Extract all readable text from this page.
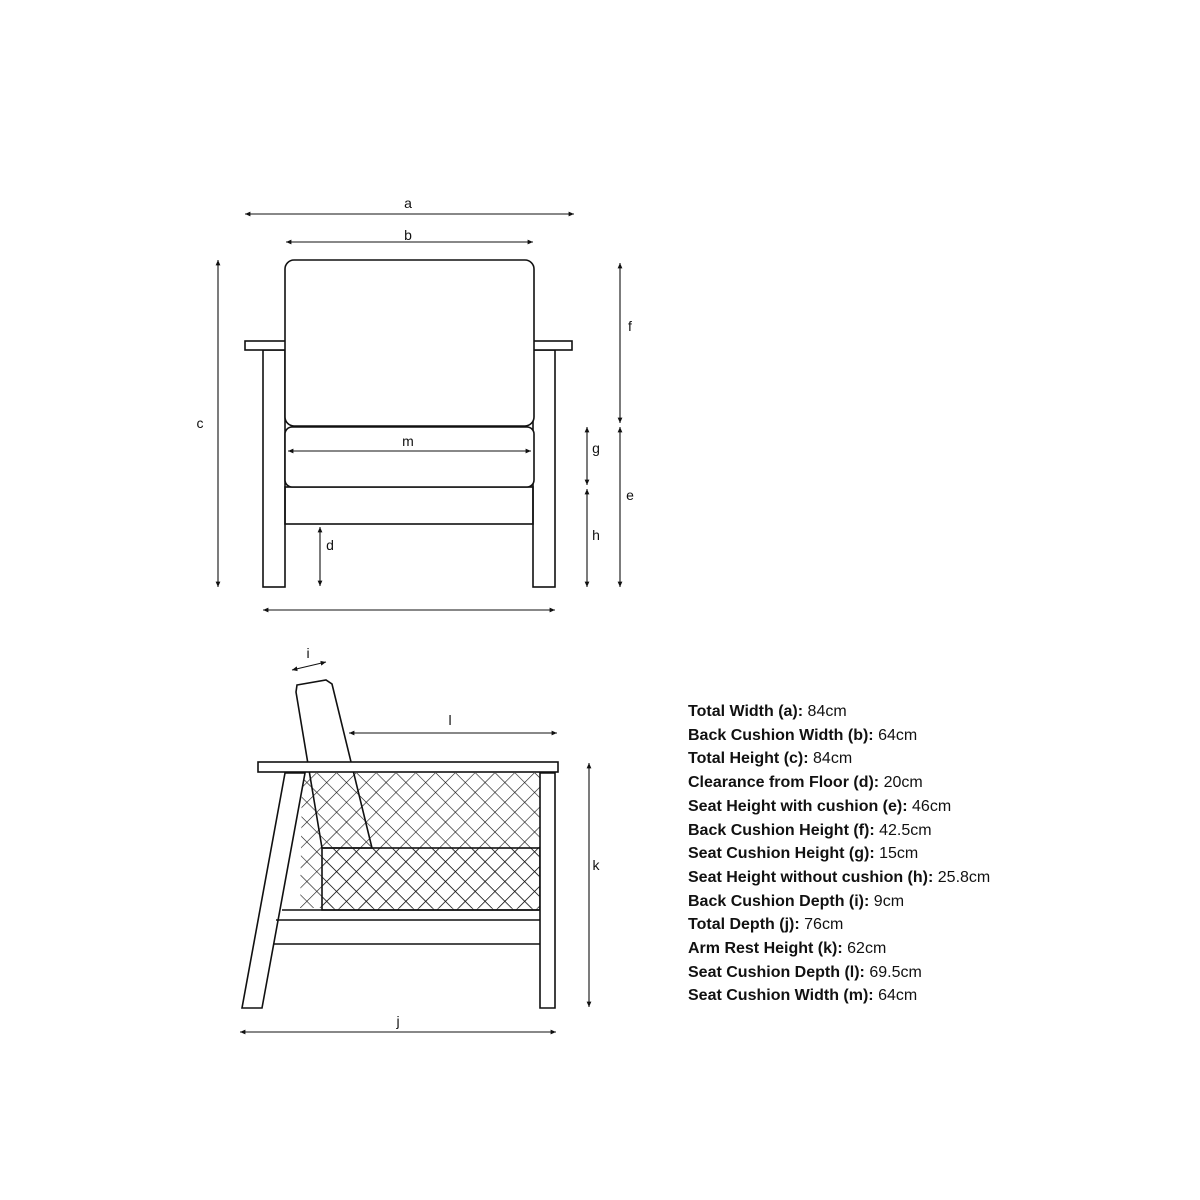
a
b
c
d
e
f
g
h
m
i
l
k
j
Total Width (a): 84cm
Back Cushion Width (b): 64cm
Total Height (c): 84cm
Clearance from Floor (d): 20cm
Seat Height with cushion (e): 46cm
Back Cushion Height (f): 42.5cm
Seat Cushion Height (g): 15cm
Seat Height without cushion (h): 25.8cm
Back Cushion Depth (i): 9cm
Total Depth (j): 76cm
Arm Rest Height (k): 62cm
Seat Cushion Depth (l): 69.5cm
Seat Cushion Width (m): 64cm
